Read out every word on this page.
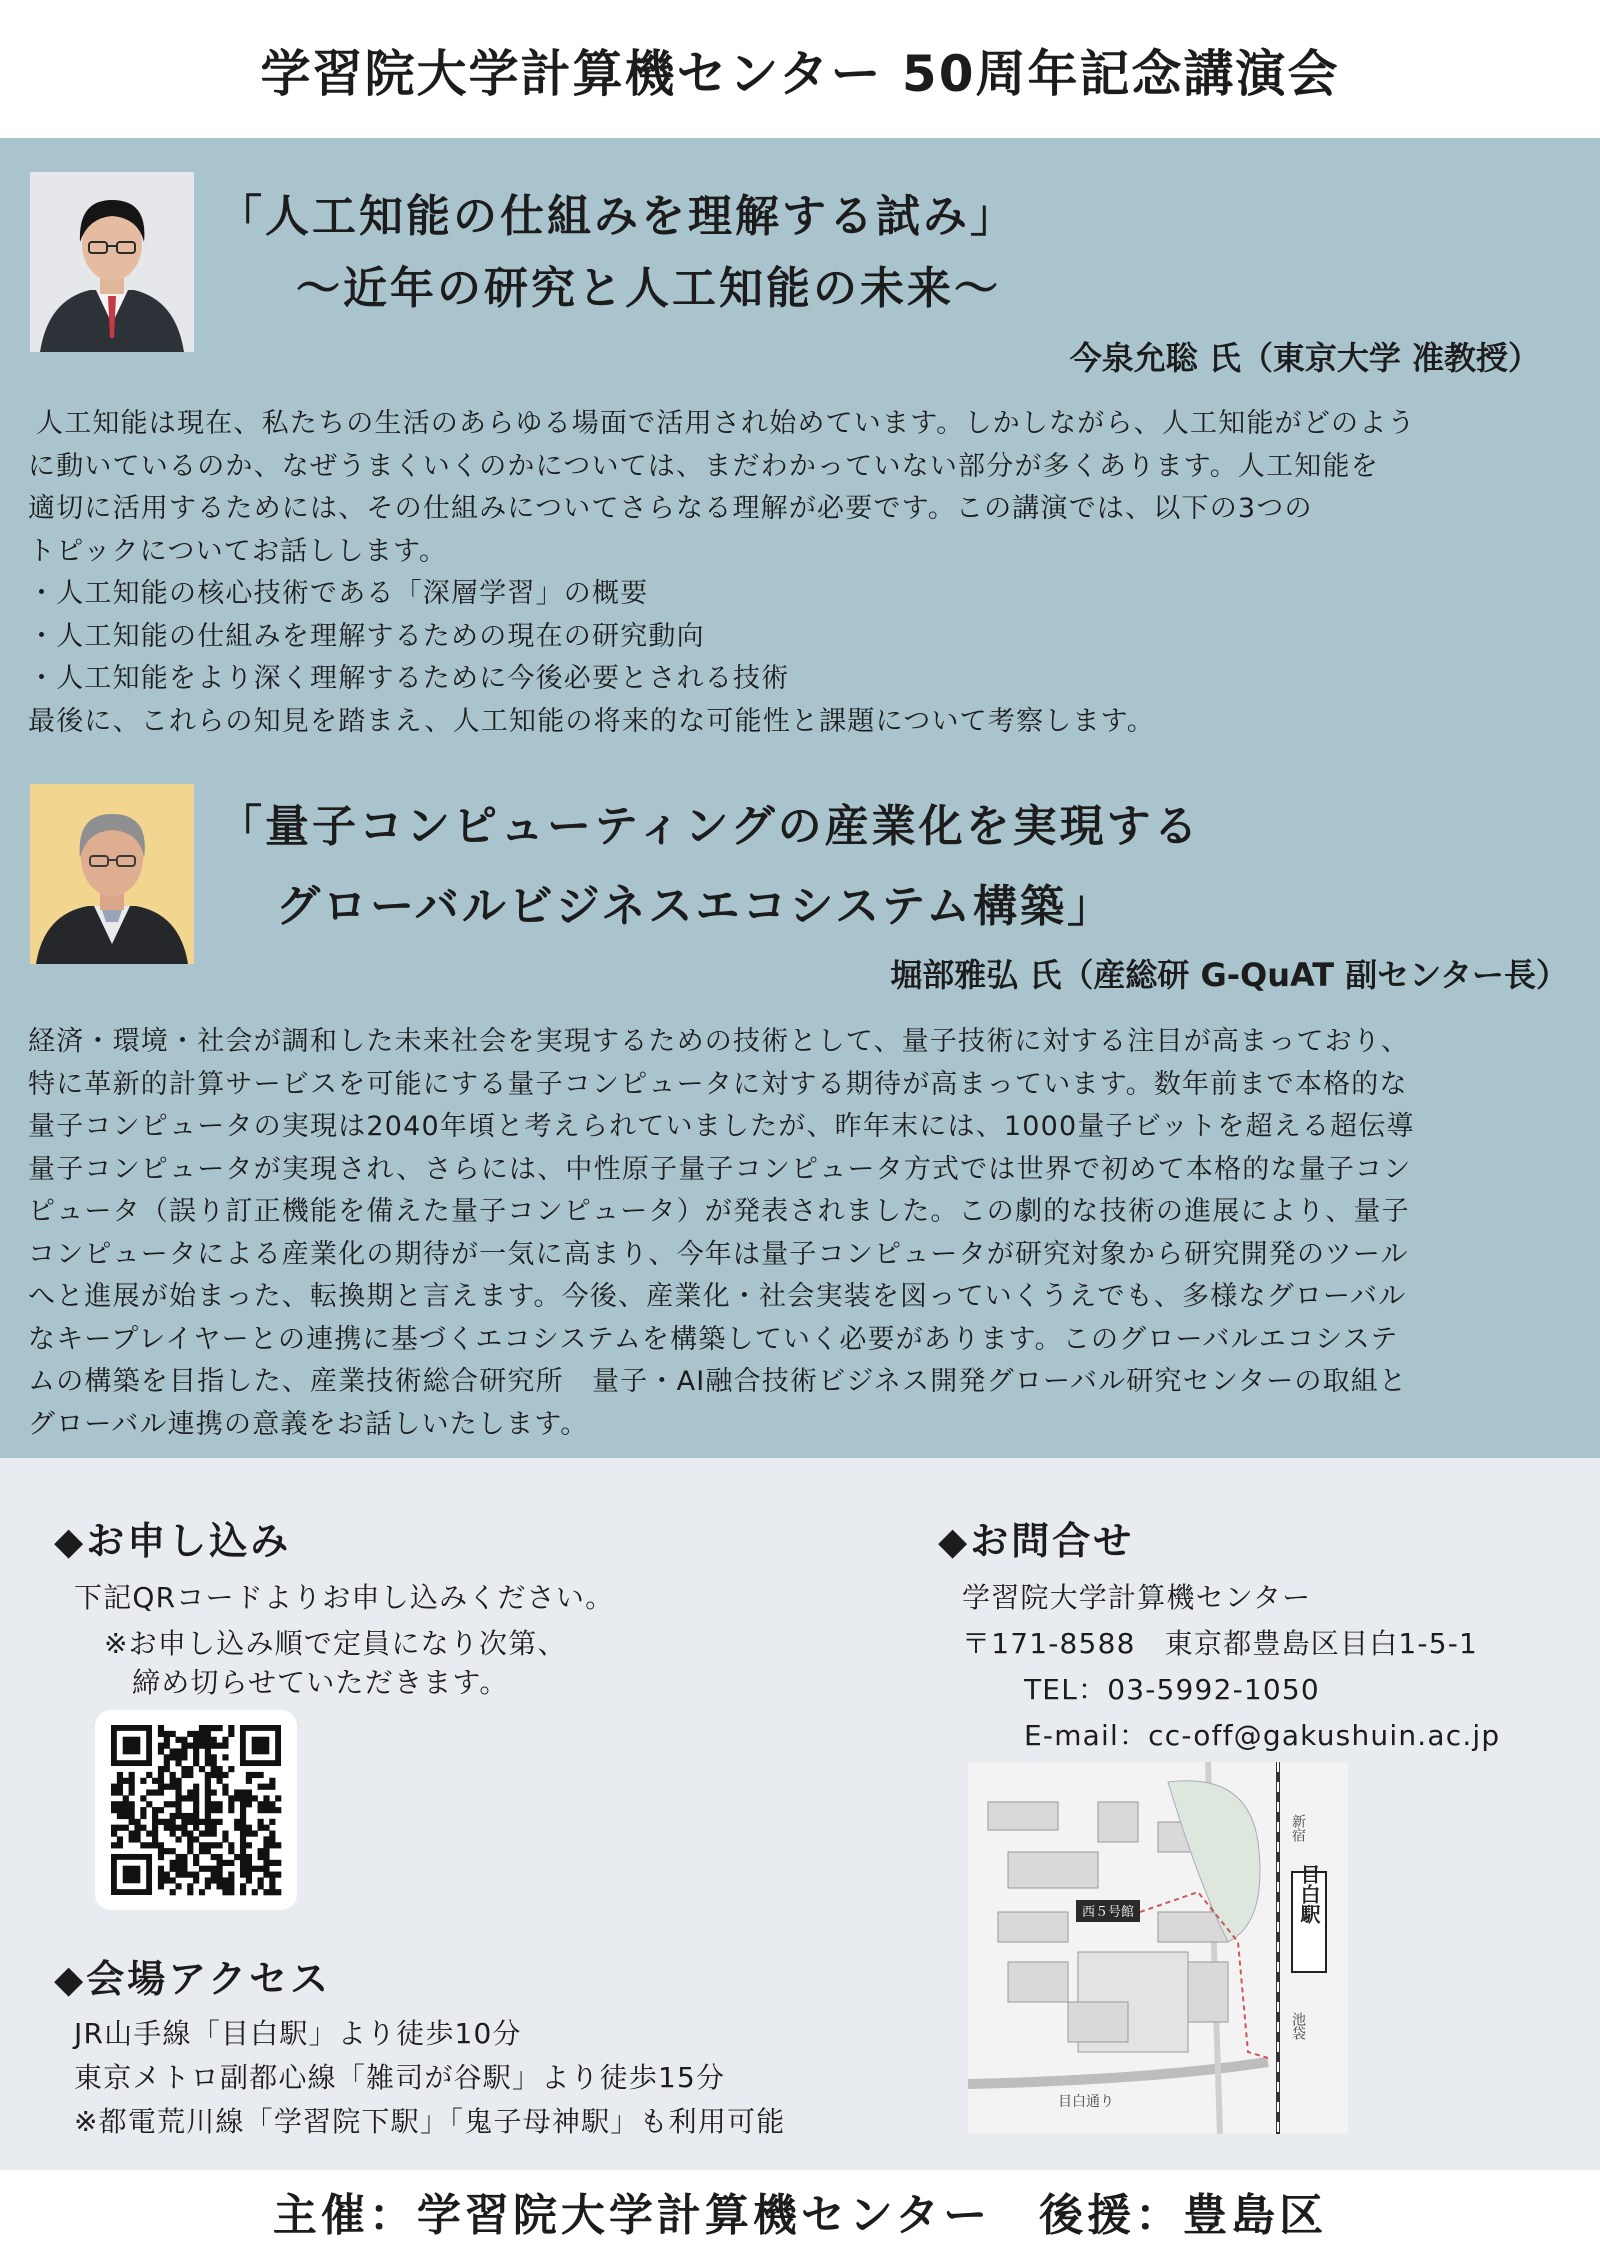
学習院大学計算機センター 50周年記念講演会
「人工知能の仕組みを理解する試み」
～近年の研究と人工知能の未来～
今泉允聡 氏（東京大学 准教授）
人工知能は現在、私たちの生活のあらゆる場面で活用され始めています。しかしながら、人工知能がどのよう
に動いているのか、なぜうまくいくのかについては、まだわかっていない部分が多くあります。人工知能を
適切に活用するためには、その仕組みについてさらなる理解が必要です。この講演では、以下の3つの
トピックについてお話しします。
・人工知能の核心技術である「深層学習」の概要
・人工知能の仕組みを理解するための現在の研究動向
・人工知能をより深く理解するために今後必要とされる技術
最後に、これらの知見を踏まえ、人工知能の将来的な可能性と課題について考察します。
「量子コンピューティングの産業化を実現する
グローバルビジネスエコシステム構築」
堀部雅弘 氏（産総研 G-QuAT 副センター長）
経済・環境・社会が調和した未来社会を実現するための技術として、量子技術に対する注目が高まっており、
特に革新的計算サービスを可能にする量子コンピュータに対する期待が高まっています。数年前まで本格的な
量子コンピュータの実現は2040年頃と考えられていましたが、昨年末には、1000量子ビットを超える超伝導
量子コンピュータが実現され、さらには、中性原子量子コンピュータ方式では世界で初めて本格的な量子コン
ピュータ（誤り訂正機能を備えた量子コンピュータ）が発表されました。この劇的な技術の進展により、量子
コンピュータによる産業化の期待が一気に高まり、今年は量子コンピュータが研究対象から研究開発のツール
へと進展が始まった、転換期と言えます。今後、産業化・社会実装を図っていくうえでも、多様なグローバル
なキープレイヤーとの連携に基づくエコシステムを構築していく必要があります。このグローバルエコシステ
ムの構築を目指した、産業技術総合研究所　量子・AI融合技術ビジネス開発グローバル研究センターの取組と
グローバル連携の意義をお話しいたします。
◆お申し込み
下記QRコードよりお申し込みください。
※お申し込み順で定員になり次第、
締め切らせていただきます。
◆会場アクセス
JR山手線「目白駅」より徒歩10分
東京メトロ副都心線「雑司が谷駅」より徒歩15分
※都電荒川線「学習院下駅」「鬼子母神駅」も利用可能
◆お問合せ
学習院大学計算機センター
〒171-8588　東京都豊島区目白1-5-1
TEL：03-5992-1050
E-mail：cc-off@gakushuin.ac.jp
西５号館	目白駅
新宿
池袋
目白通り
主催：学習院大学計算機センター　後援：豊島区
